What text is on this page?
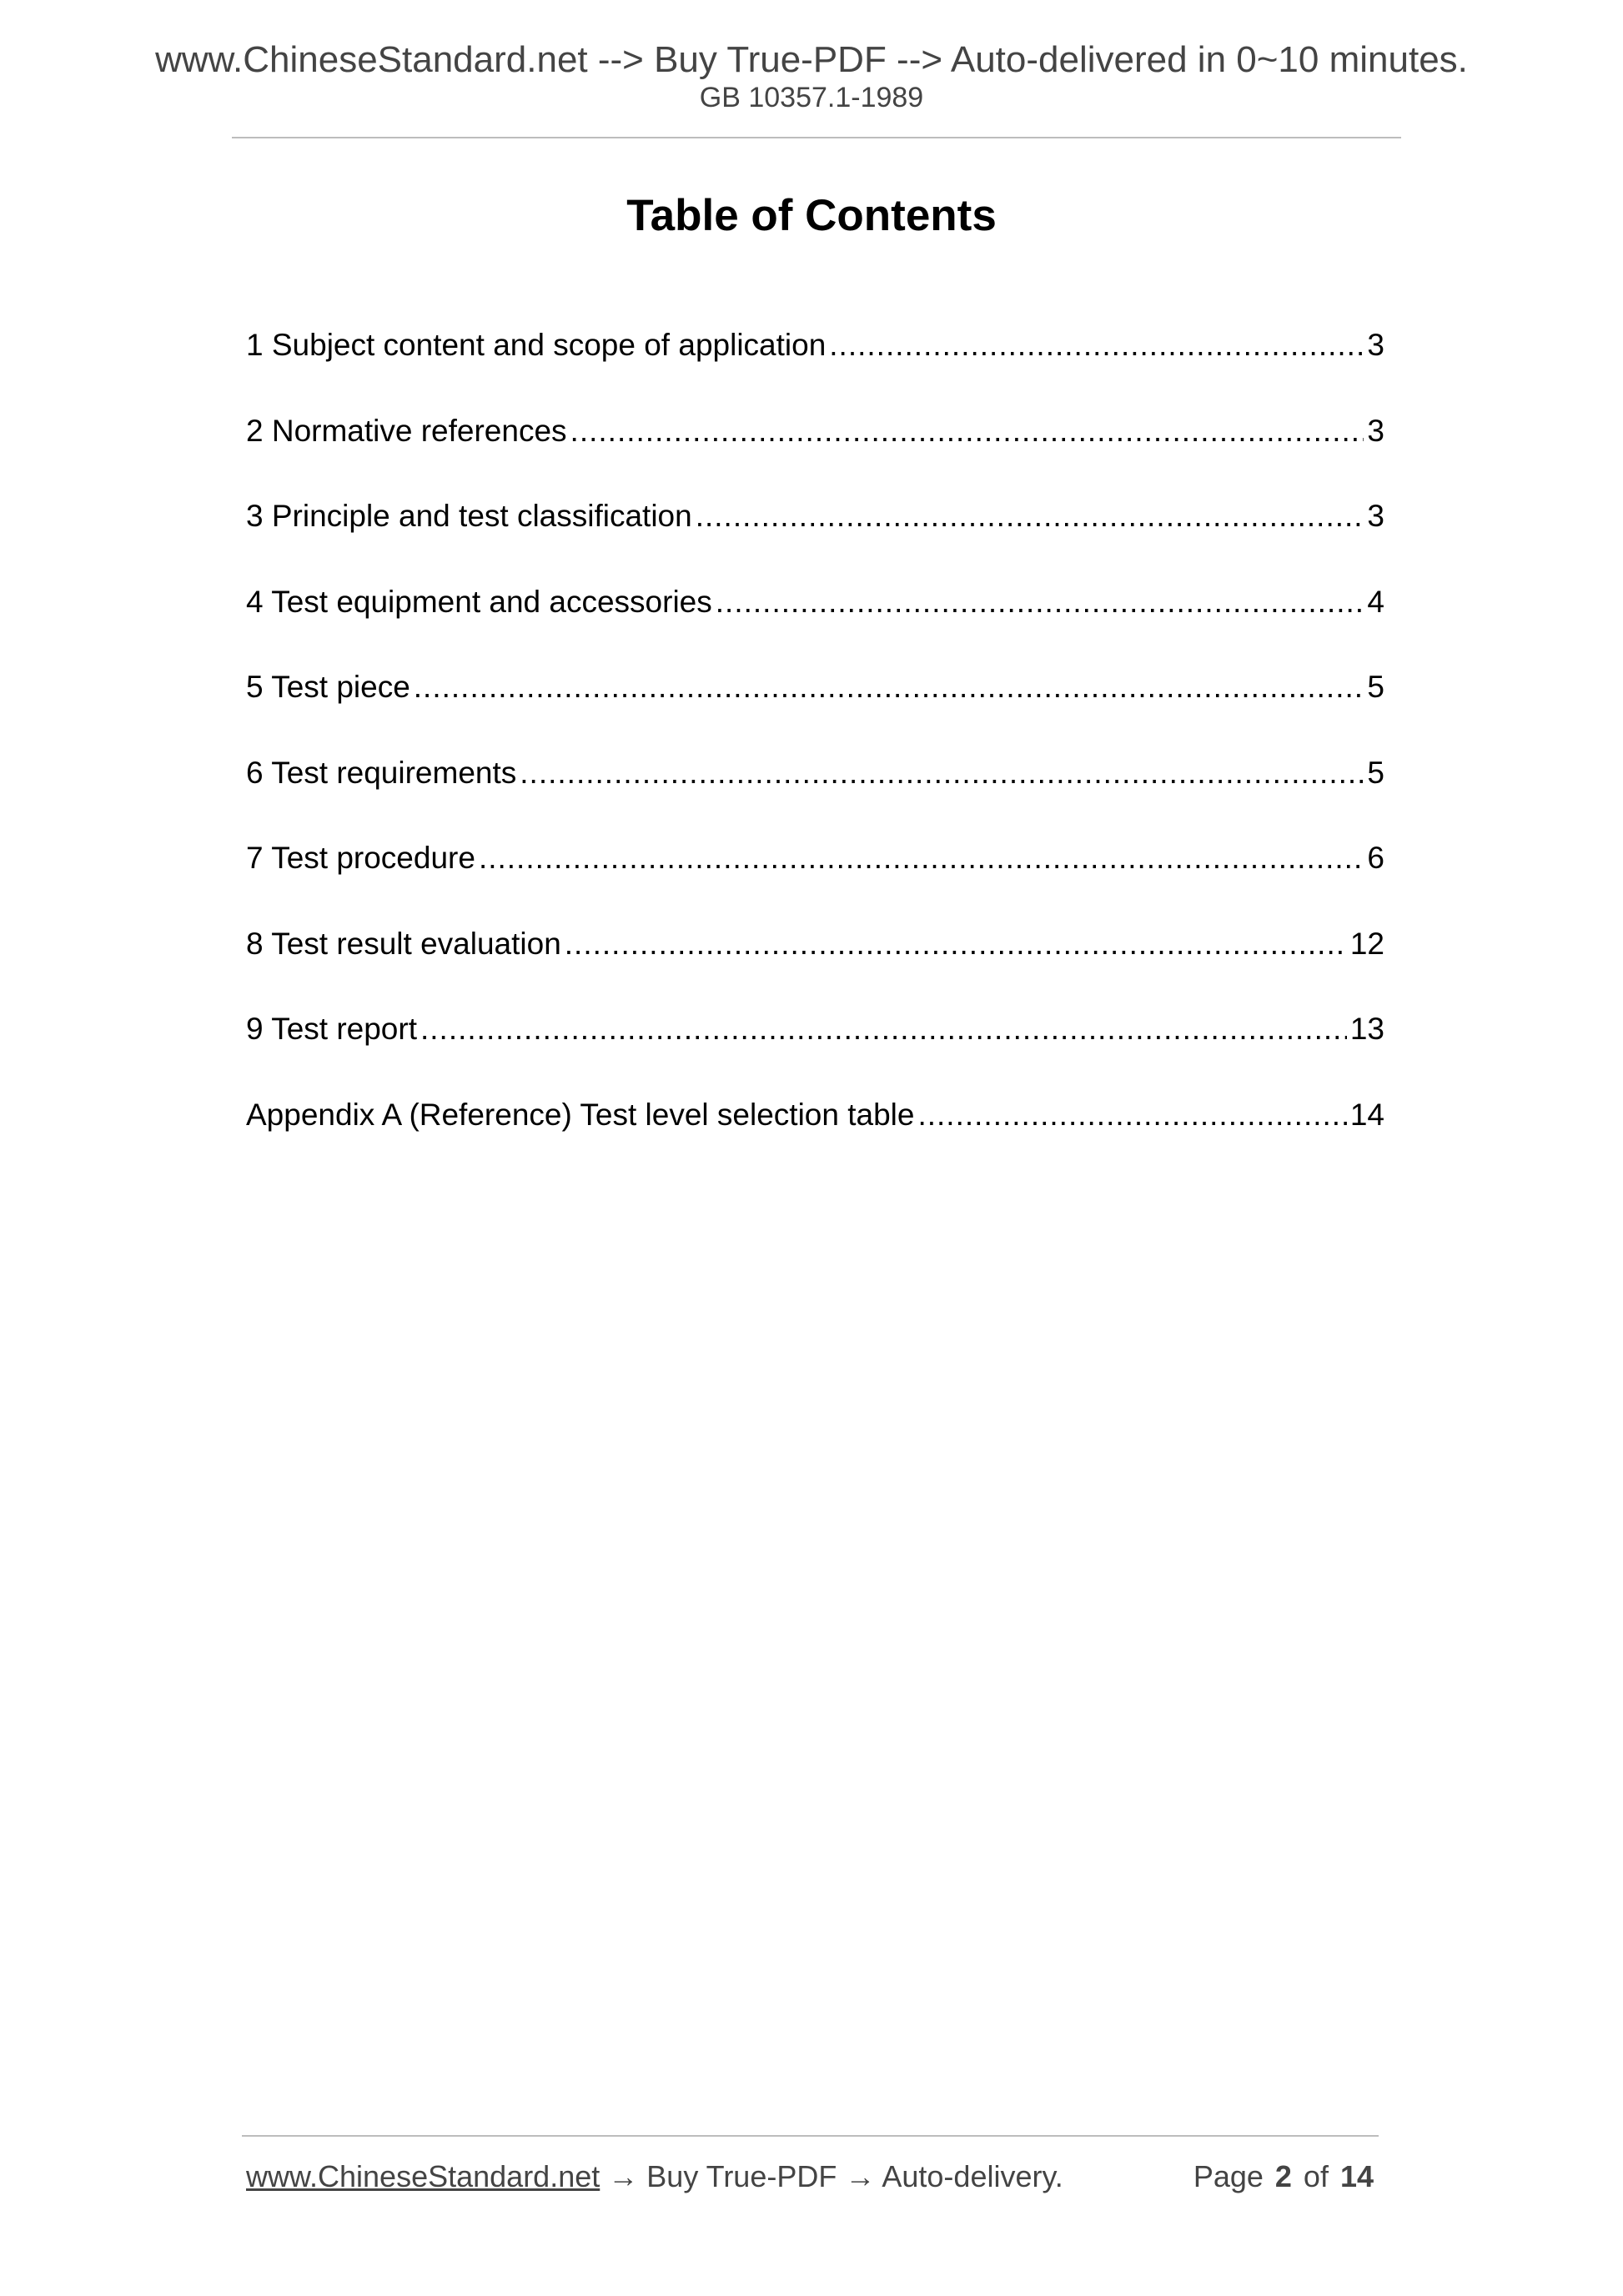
www.ChineseStandard.net --> Buy True-PDF --> Auto-delivered in 0~10 minutes.
GB 10357.1-1989
Table of Contents
1 Subject content and scope of application .....	3
2 Normative references .....	3
3 Principle and test classification .....	3
4 Test equipment and accessories .....	4
5 Test piece .....	5
6 Test requirements .....	5
7 Test procedure .....	6
8 Test result evaluation .....	12
9 Test report .....	13
Appendix A (Reference) Test level selection table .....	14
www.ChineseStandard.net → Buy True-PDF → Auto-delivery.	Page 2 of 14
